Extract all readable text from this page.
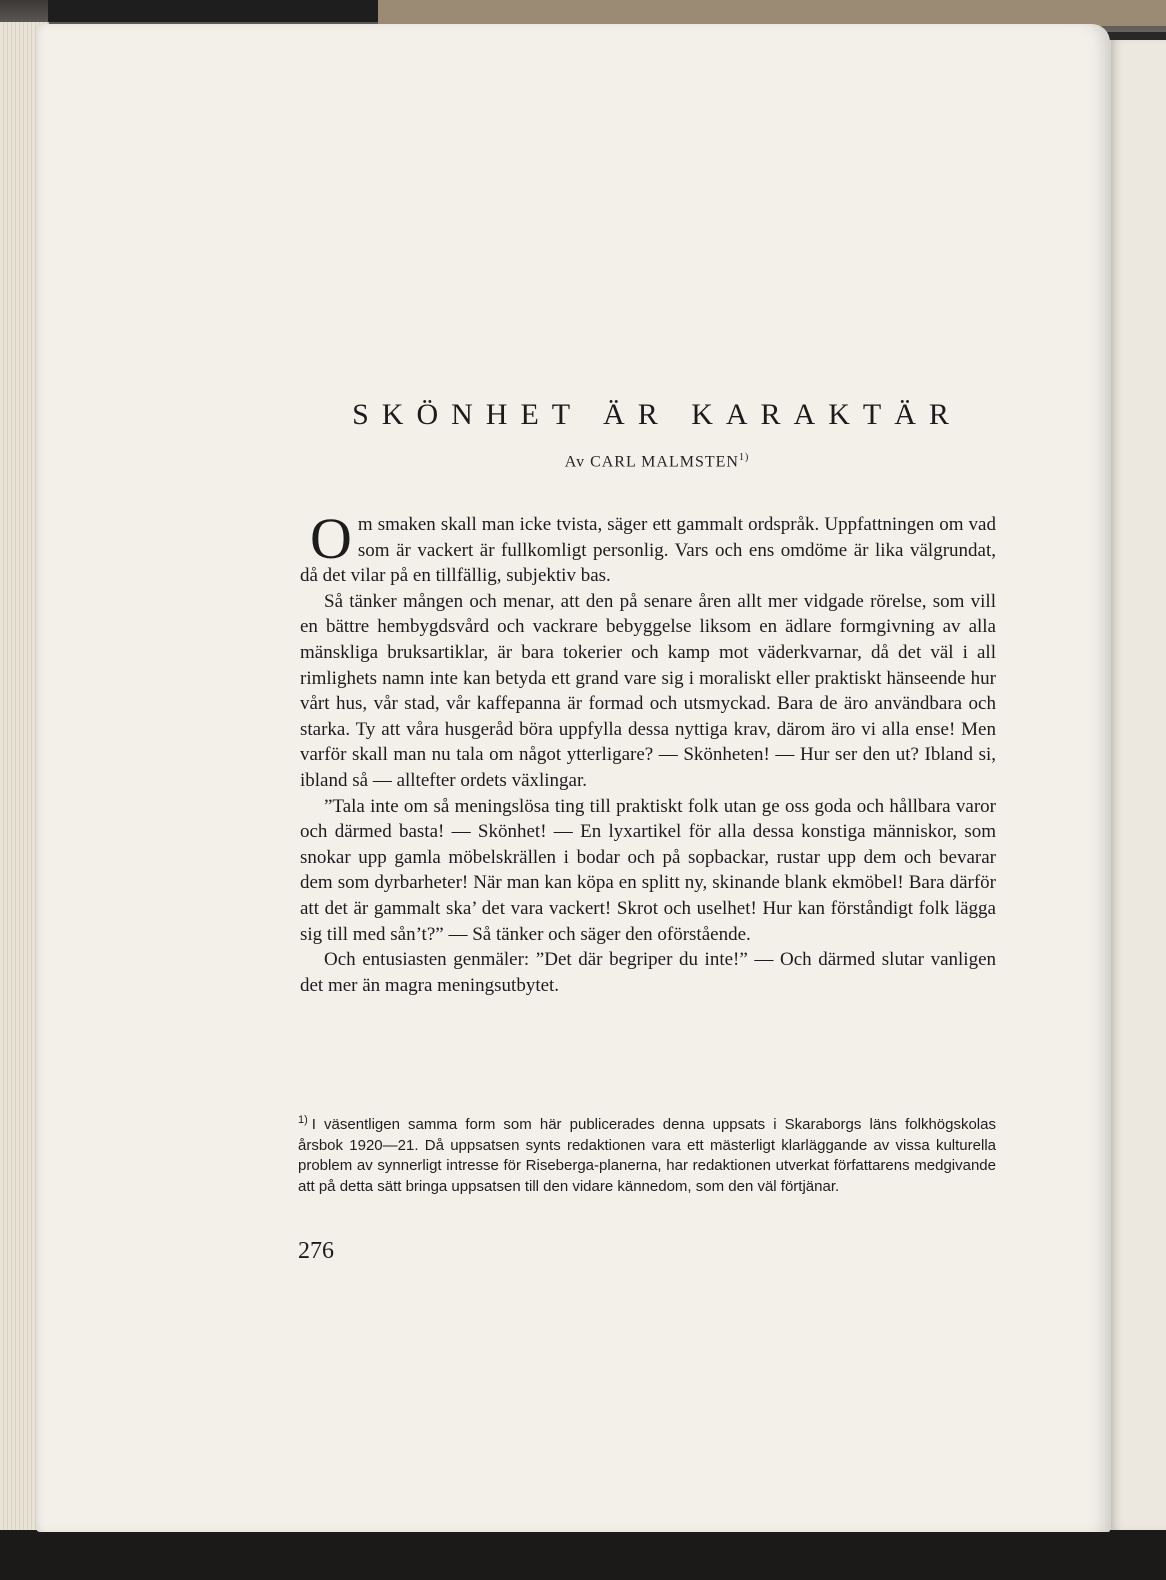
SKÖNHET ÄR KARAKTÄR
Av CARL MALMSTEN$^{1)}$

Om smaken skall man icke tvista, säger ett gammalt ordspråk. Uppfattningen om vad som är vackert är fullkomligt personlig. Vars och ens omdöme är lika välgrundat, då det vilar på en tillfällig, subjektiv bas.

Så tänker mången och menar, att den på senare åren allt mer vidgade rörelse, som vill en bättre hembygdsvård och vackrare bebyggelse liksom en ädlare formgivning av alla mänskliga bruksartiklar, är bara tokerier och kamp mot väderkvarnar, då det väl i all rimlighets namn inte kan betyda ett grand vare sig i moraliskt eller praktiskt hänseende hur vårt hus, vår stad, vår kaffepanna är formad och utsmyckad. Bara de äro användbara och starka. Ty att våra husgeråd böra uppfylla dessa nyttiga krav, därom äro vi alla ense! Men varför skall man nu tala om något ytterligare? — Skönheten! — Hur ser den ut? Ibland si, ibland så — alltefter ordets växlingar.

”Tala inte om så meningslösa ting till praktiskt folk utan ge oss goda och hållbara varor och därmed basta! — Skönhet! — En lyxartikel för alla dessa konstiga människor, som snokar upp gamla möbelskrällen i bodar och på sopbackar, rustar upp dem och bevarar dem som dyrbarheter! När man kan köpa en splitt ny, skinande blank ekmöbel! Bara därför att det är gammalt ska’ det vara vackert! Skrot och uselhet! Hur kan förståndigt folk lägga sig till med sån’t?” — Så tänker och säger den oförstående.

Och entusiasten genmäler: ”Det där begriper du inte!” — Och därmed slutar vanligen det mer än magra meningsutbytet.

$^{1)}$ I väsentligen samma form som här publicerades denna uppsats i Skaraborgs läns folkhögskolas årsbok 1920—21. Då uppsatsen synts redaktionen vara ett mästerligt klarläggande av vissa kulturella problem av synnerligt intresse för Riseberga-planerna, har redaktionen utverkat författarens medgivande att på detta sätt bringa uppsatsen till den vidare kännedom, som den väl förtjänar.
276
